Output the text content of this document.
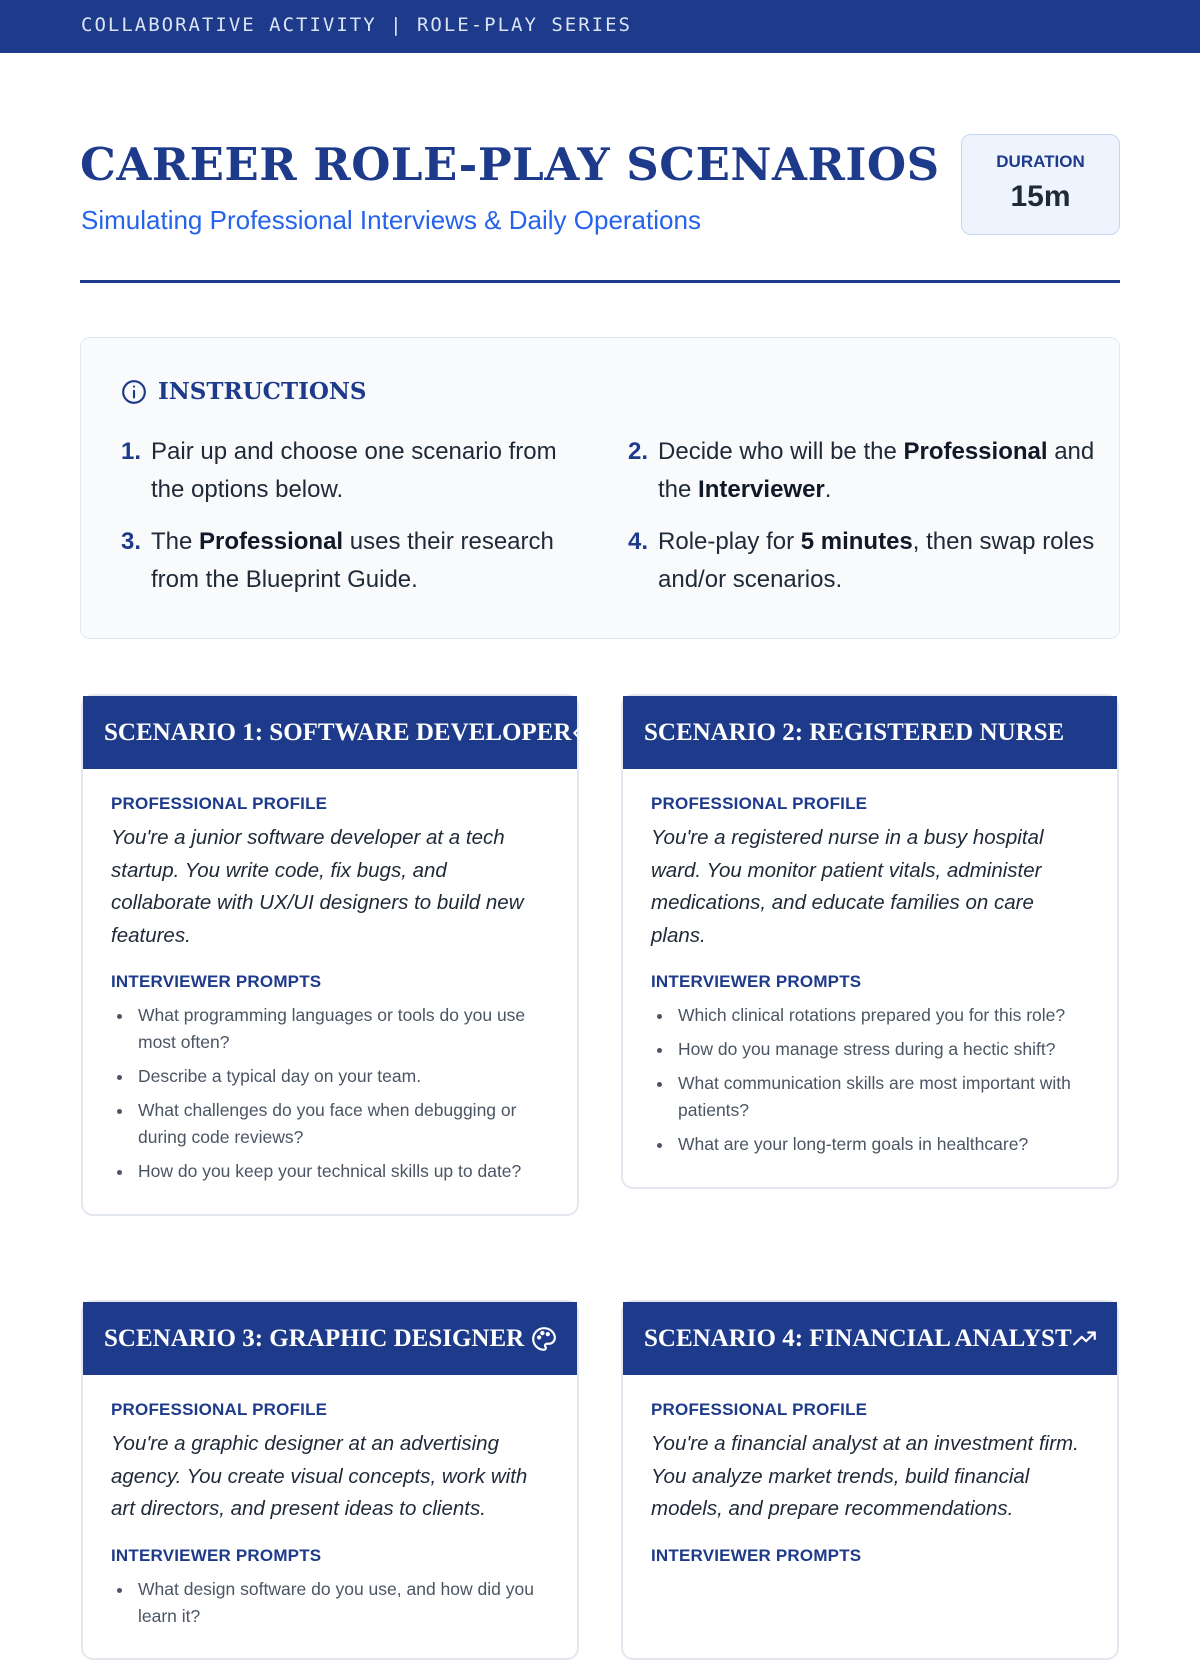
COLLABORATIVE ACTIVITY | ROLE-PLAY SERIES
CAREER ROLE-PLAY SCENARIOS
Simulating Professional Interviews & Daily Operations
DURATION
15m
INSTRUCTIONS
1. Pair up and choose one scenario from the options below.
2. Decide who will be the Professional and the Interviewer.
3. The Professional uses their research from the Blueprint Guide.
4. Role-play for 5 minutes, then swap roles and/or scenarios.
SCENARIO 1: SOFTWARE DEVELOPER
PROFESSIONAL PROFILE

You're a junior software developer at a tech startup. You write code, fix bugs, and collaborate with UX/UI designers to build new features.

INTERVIEWER PROMPTS
What programming languages or tools do you use most often?
Describe a typical day on your team.
What challenges do you face when debugging or during code reviews?
How do you keep your technical skills up to date?
SCENARIO 2: REGISTERED NURSE
PROFESSIONAL PROFILE

You're a registered nurse in a busy hospital ward. You monitor patient vitals, administer medications, and educate families on care plans.

INTERVIEWER PROMPTS
Which clinical rotations prepared you for this role?
How do you manage stress during a hectic shift?
What communication skills are most important with patients?
What are your long-term goals in healthcare?
SCENARIO 3: GRAPHIC DESIGNER
PROFESSIONAL PROFILE

You're a graphic designer at an advertising agency. You create visual concepts, work with art directors, and present ideas to clients.

INTERVIEWER PROMPTS
What design software do you use, and how did you learn it?
SCENARIO 4: FINANCIAL ANALYST
PROFESSIONAL PROFILE

You're a financial analyst at an investment firm. You analyze market trends, build financial models, and prepare recommendations.

INTERVIEWER PROMPTS
